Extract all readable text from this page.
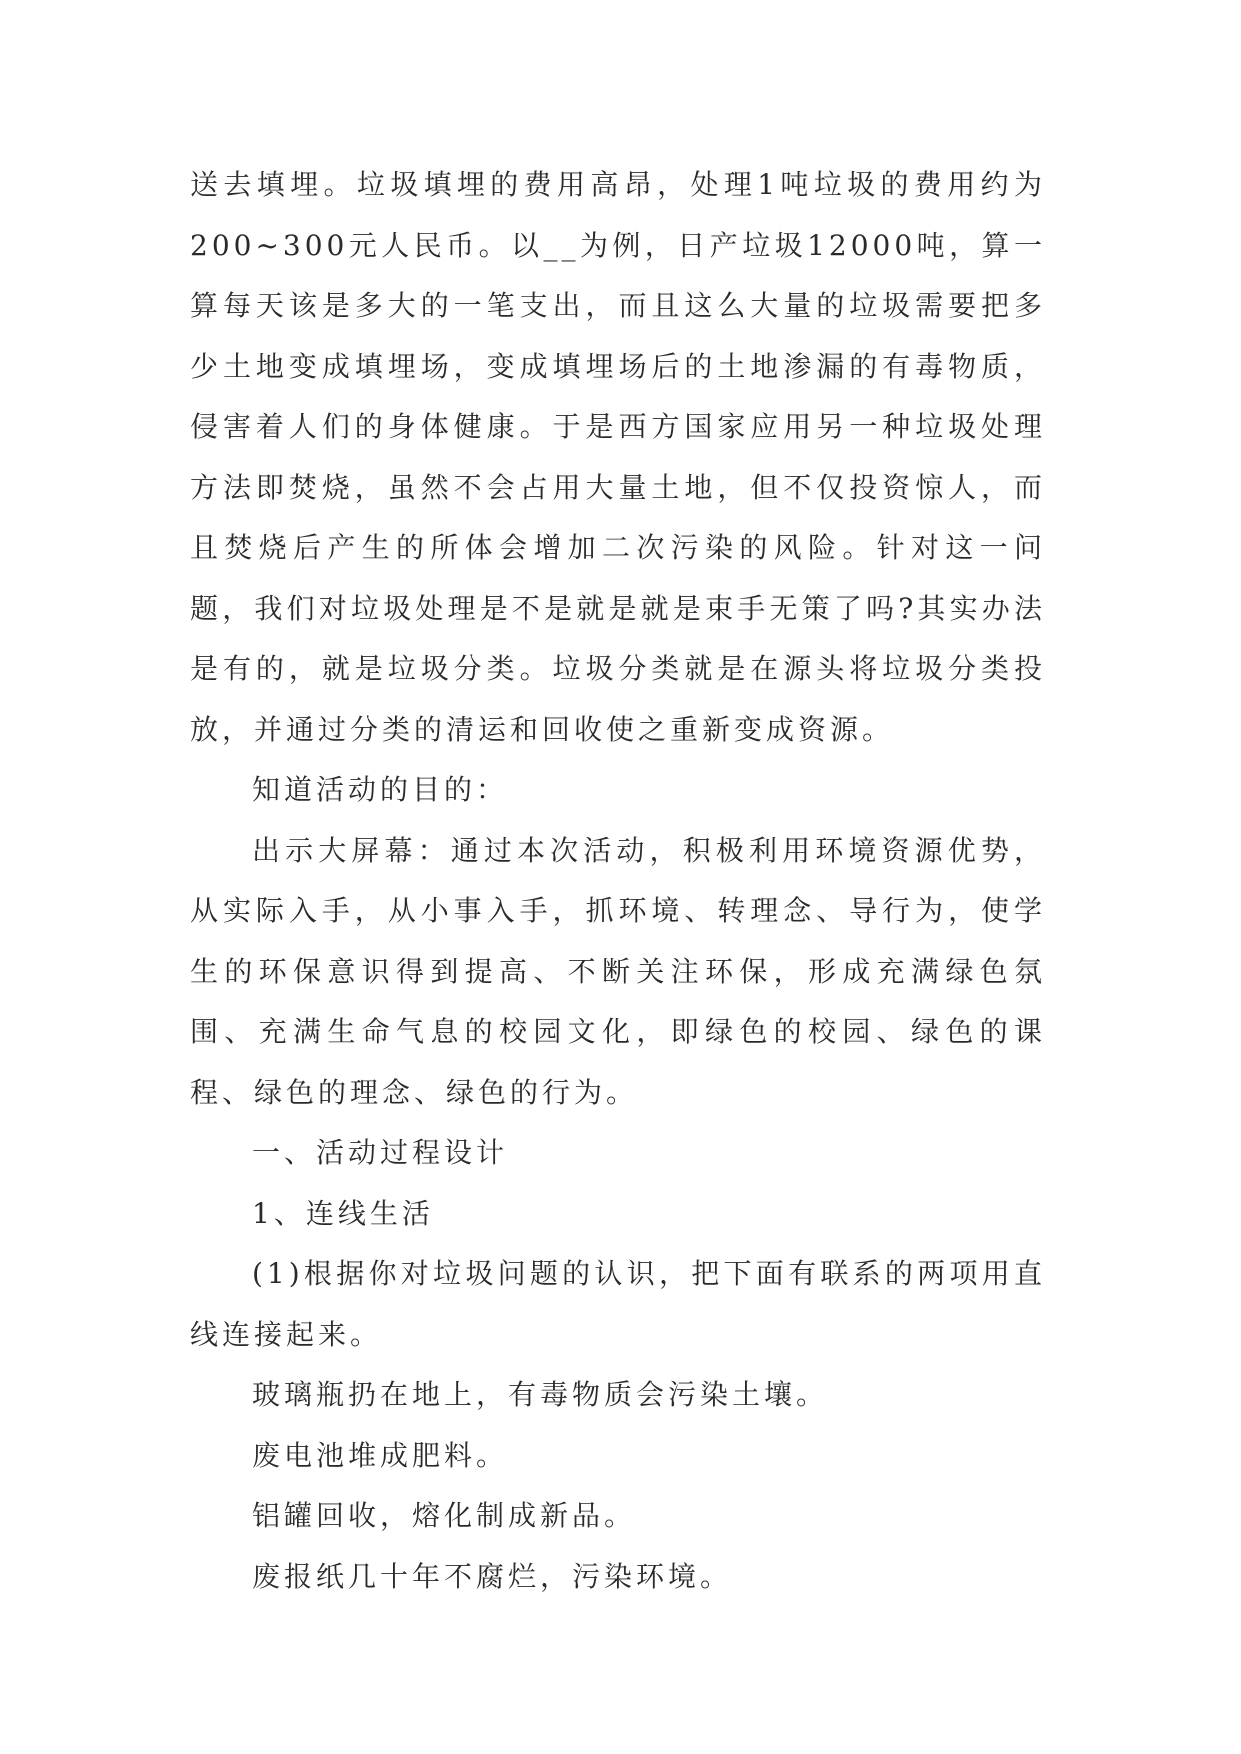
送去填埋。垃圾填埋的费用高昂，处理1吨垃圾的费用约为200~300元人民币。以__为例，日产垃圾12000吨，算一算每天该是多大的一笔支出，而且这么大量的垃圾需要把多少土地变成填埋场，变成填埋场后的土地渗漏的有毒物质，侵害着人们的身体健康。于是西方国家应用另一种垃圾处理方法即焚烧，虽然不会占用大量土地，但不仅投资惊人，而且焚烧后产生的所体会增加二次污染的风险。针对这一问题，我们对垃圾处理是不是就是就是束手无策了吗?其实办法是有的，就是垃圾分类。垃圾分类就是在源头将垃圾分类投放，并通过分类的清运和回收使之重新变成资源。

知道活动的目的：

出示大屏幕：通过本次活动，积极利用环境资源优势，从实际入手，从小事入手，抓环境、转理念、导行为，使学生的环保意识得到提高、不断关注环保，形成充满绿色氛围、充满生命气息的校园文化，即绿色的校园、绿色的课程、绿色的理念、绿色的行为。

一、活动过程设计

1、连线生活

(1)根据你对垃圾问题的认识，把下面有联系的两项用直线连接起来。

玻璃瓶扔在地上，有毒物质会污染土壤。

废电池堆成肥料。

铝罐回收，熔化制成新品。

废报纸几十年不腐烂，污染环境。
